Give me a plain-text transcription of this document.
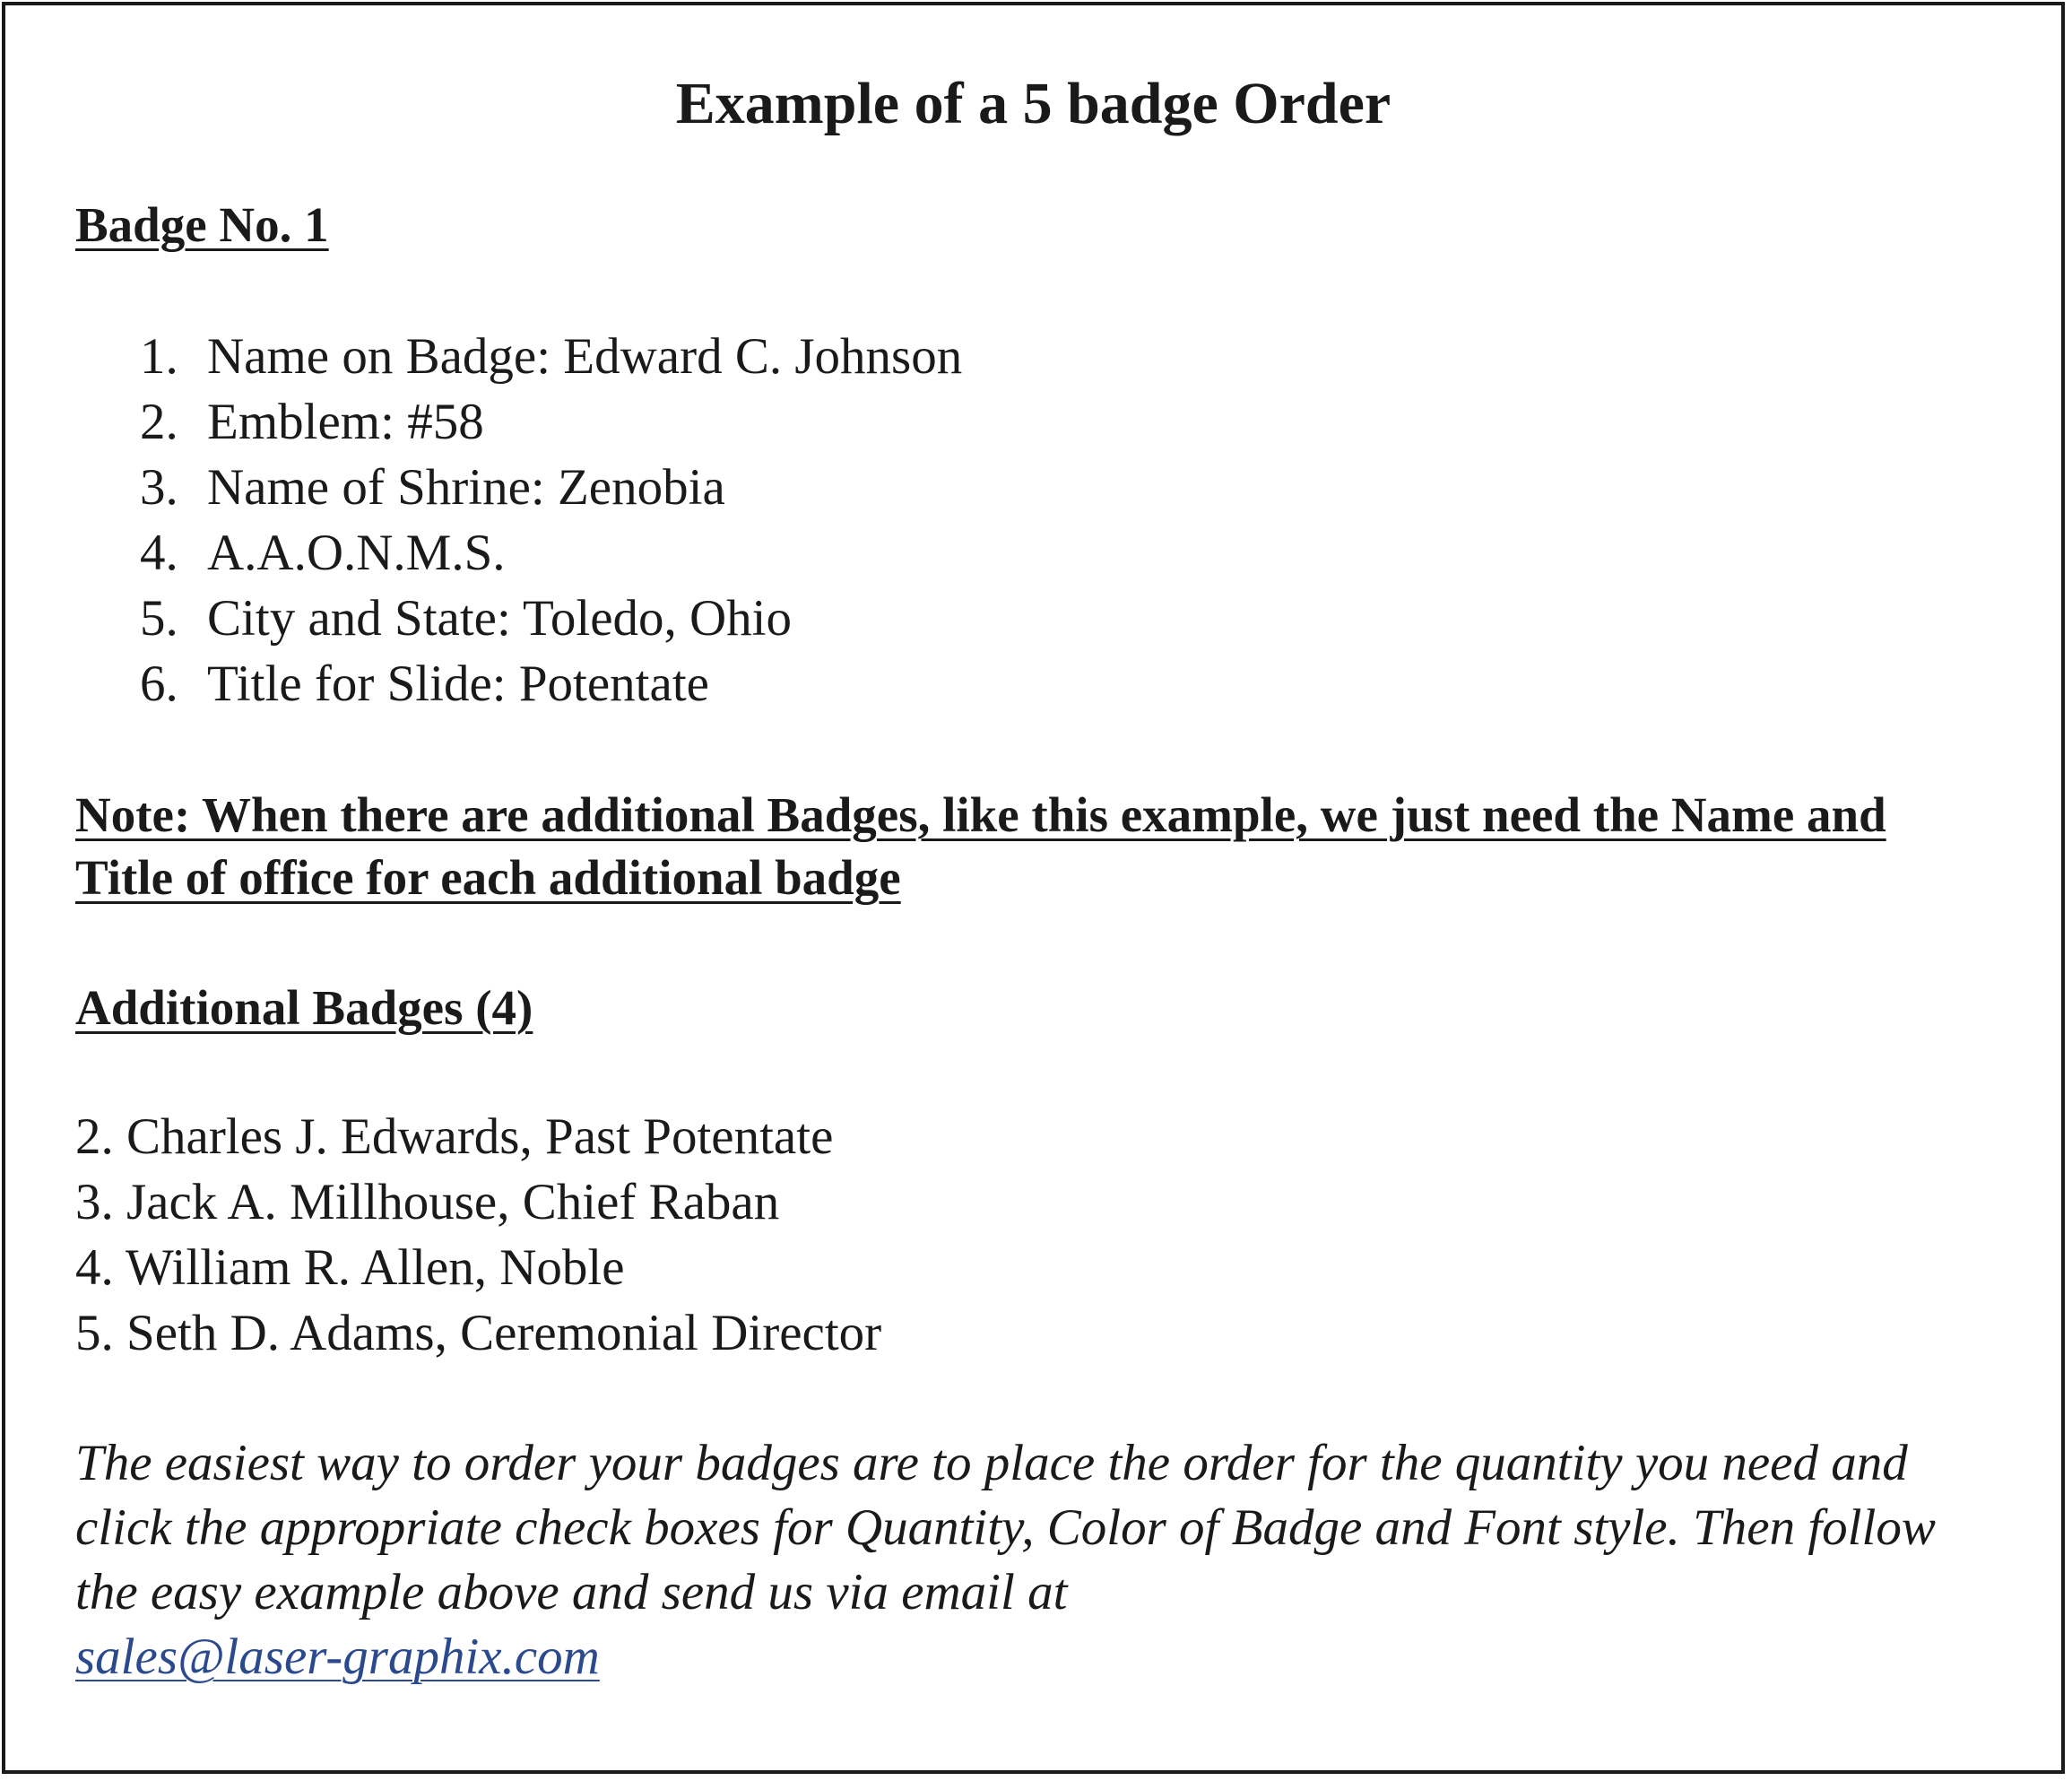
Example of a 5 badge Order
Badge No. 1
1. Name on Badge: Edward C. Johnson
2. Emblem: #58
3. Name of Shrine: Zenobia
4. A.A.O.N.M.S.
5. City and State: Toledo, Ohio
6. Title for Slide: Potentate

Note: When there are additional Badges, like this example, we just need the Name and Title of office for each additional badge

Additional Badges (4)
2. Charles J. Edwards, Past Potentate
3. Jack A. Millhouse, Chief Raban
4. William R. Allen, Noble
5. Seth D. Adams, Ceremonial Director

The easiest way to order your badges are to place the order for the quantity you need and click the appropriate check boxes for Quantity, Color of Badge and Font style. Then follow the easy example above and send us via email at
sales@laser-graphix.com
